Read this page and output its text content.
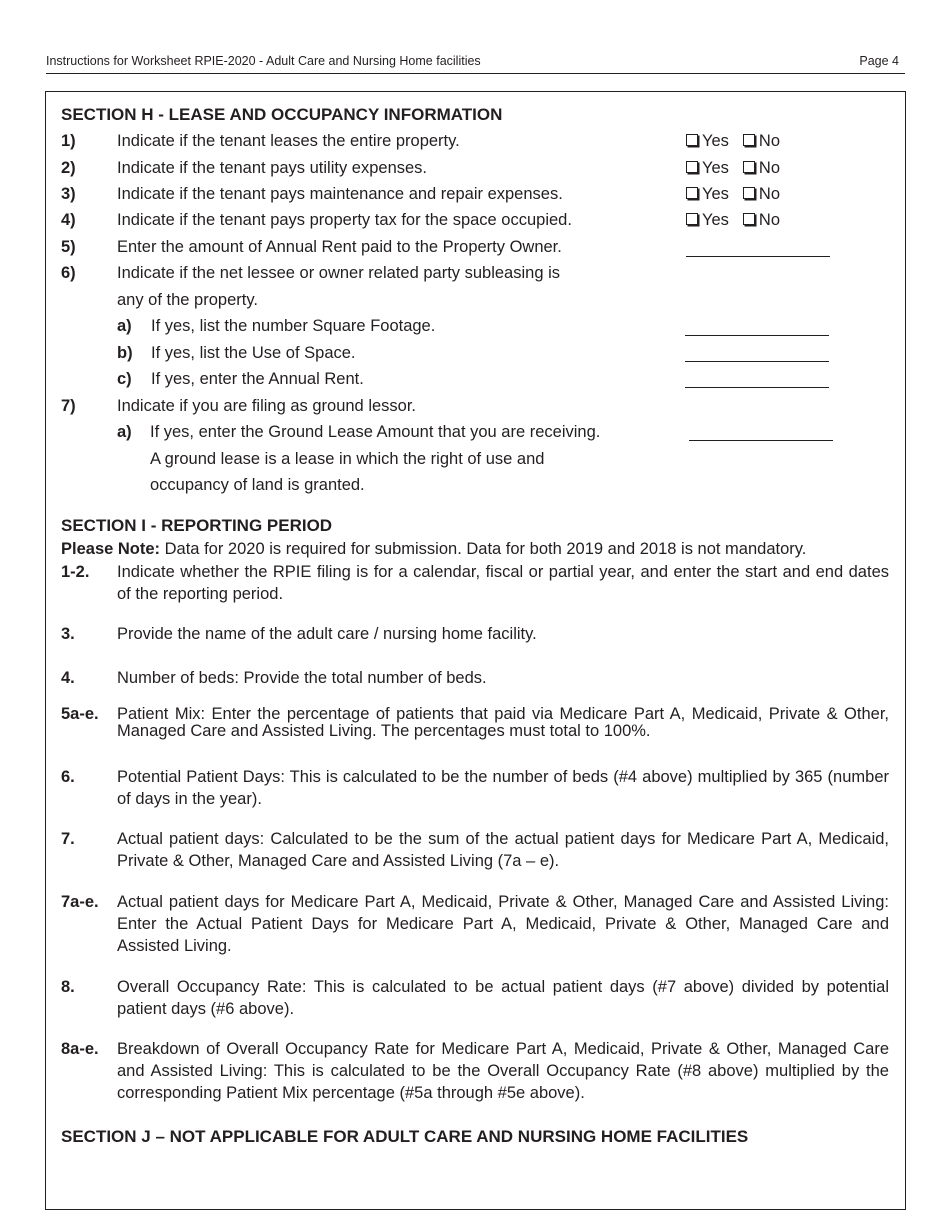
Instructions for Worksheet RPIE-2020 - Adult Care and Nursing Home facilities	Page 4
SECTION H - LEASE AND OCCUPANCY INFORMATION
1)	Indicate if the tenant leases the entire property.	Yes No
2)	Indicate if the tenant pays utility expenses.	Yes No
3)	Indicate if the tenant pays maintenance and repair expenses.	Yes No
4)	Indicate if the tenant pays property tax for the space occupied.	Yes No
5)	Enter the amount of Annual Rent paid to the Property Owner.
6)	Indicate if the net lessee or owner related party subleasing is
any of the property.
a) If yes, list the number Square Footage.
b) If yes, list the Use of Space.
c) If yes, enter the Annual Rent.
7)	Indicate if you are filing as ground lessor.
a) If yes, enter the Ground Lease Amount that you are receiving.
A ground lease is a lease in which the right of use and
occupancy of land is granted.
SECTION I - REPORTING PERIOD
Please Note: Data for 2020 is required for submission. Data for both 2019 and 2018 is not mandatory.
1-2. Indicate whether the RPIE filing is for a calendar, fiscal or partial year, and enter the start and end dates of the reporting period.
3.	Provide the name of the adult care / nursing home facility.
4.	Number of beds: Provide the total number of beds.
5a-e. Patient Mix: Enter the percentage of patients that paid via Medicare Part A, Medicaid, Private & Other, Managed Care and Assisted Living. The percentages must total to 100%.
6.	Potential Patient Days: This is calculated to be the number of beds (#4 above) multiplied by 365 (number of days in the year).
7.	Actual patient days: Calculated to be the sum of the actual patient days for Medicare Part A, Medicaid, Private & Other, Managed Care and Assisted Living (7a – e).
7a-e. Actual patient days for Medicare Part A, Medicaid, Private & Other, Managed Care and Assisted Living: Enter the Actual Patient Days for Medicare Part A, Medicaid, Private & Other, Managed Care and Assisted Living.
8.	Overall Occupancy Rate: This is calculated to be actual patient days (#7 above) divided by potential patient days (#6 above).
8a-e. Breakdown of Overall Occupancy Rate for Medicare Part A, Medicaid, Private & Other, Managed Care and Assisted Living: This is calculated to be the Overall Occupancy Rate (#8 above) multiplied by the corresponding Patient Mix percentage (#5a through #5e above).
SECTION J – NOT APPLICABLE FOR ADULT CARE AND NURSING HOME FACILITIES
